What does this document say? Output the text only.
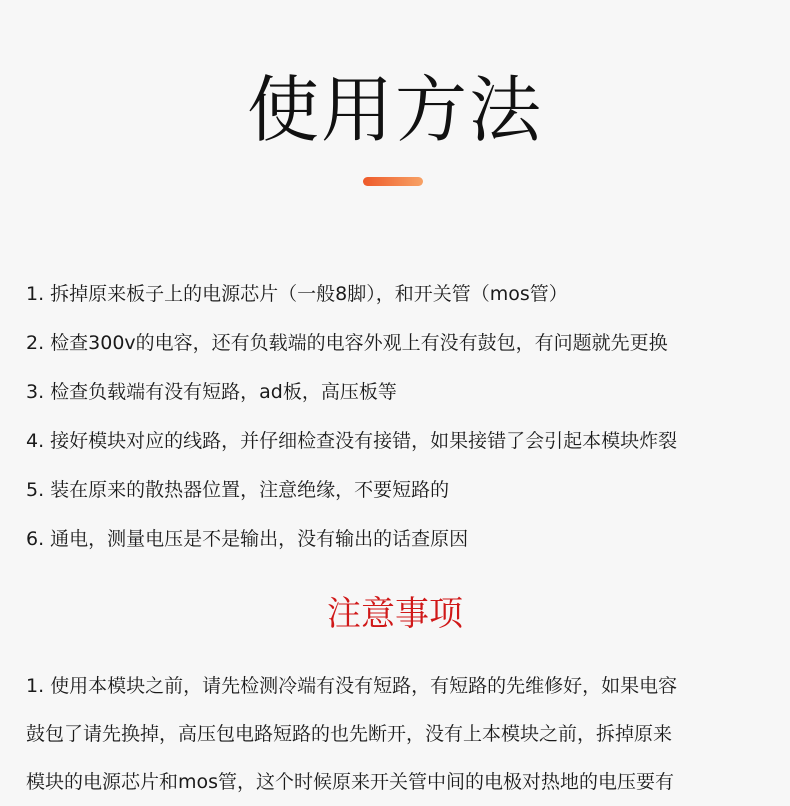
使用方法
1. 拆掉原来板子上的电源芯片（一般8脚），和开关管（mos管）
2. 检查300v的电容，还有负载端的电容外观上有没有鼓包，有问题就先更换
3. 检查负载端有没有短路，ad板，高压板等
4. 接好模块对应的线路，并仔细检查没有接错，如果接错了会引起本模块炸裂
5. 装在原来的散热器位置，注意绝缘，不要短路的
6. 通电，测量电压是不是输出，没有输出的话查原因
注意事项

1. 使用本模块之前，请先检测冷端有没有短路，有短路的先维修好，如果电容

鼓包了请先换掉，高压包电路短路的也先断开，没有上本模块之前，拆掉原来

模块的电源芯片和mos管，这个时候原来开关管中间的电极对热地的电压要有
